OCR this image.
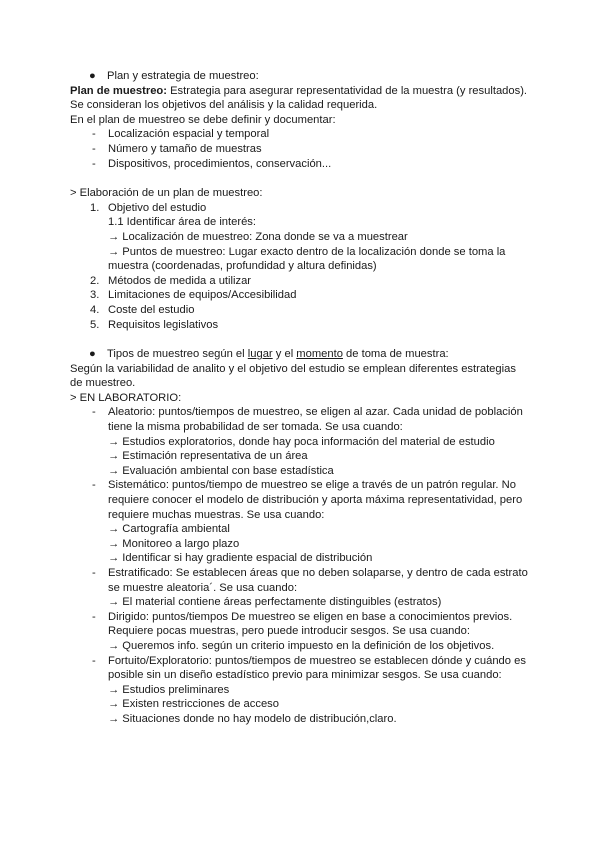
● Plan y estrategia de muestreo:
Plan de muestreo: Estrategia para asegurar representatividad de la muestra (y resultados).
Se consideran los objetivos del análisis y la calidad requerida.
En el plan de muestreo se debe definir y documentar:
- Localización espacial y temporal
- Número y tamaño de muestras
- Dispositivos, procedimientos, conservación...
> Elaboración de un plan de muestreo:
1. Objetivo del estudio
1.1 Identificar área de interés:
→ Localización de muestreo: Zona donde se va a muestrear
→ Puntos de muestreo: Lugar exacto dentro de la localización donde se toma la muestra (coordenadas, profundidad y altura definidas)
2. Métodos de medida a utilizar
3. Limitaciones de equipos/Accesibilidad
4. Coste del estudio
5. Requisitos legislativos
● Tipos de muestreo según el lugar y el momento de toma de muestra:
Según la variabilidad de analito y el objetivo del estudio se emplean diferentes estrategias de muestreo.
> EN LABORATORIO:
- Aleatorio: puntos/tiempos de muestreo, se eligen al azar. Cada unidad de población tiene la misma probabilidad de ser tomada. Se usa cuando:
→ Estudios exploratorios, donde hay poca información del material de estudio
→ Estimación representativa de un área
→ Evaluación ambiental con base estadística
- Sistemático: puntos/tiempo de muestreo se elige a través de un patrón regular. No requiere conocer el modelo de distribución y aporta máxima representatividad, pero requiere muchas muestras. Se usa cuando:
→ Cartografía ambiental
→ Monitoreo a largo plazo
→ Identificar si hay gradiente espacial de distribución
- Estratificado: Se establecen áreas que no deben solaparse, y dentro de cada estrato se muestre aleatoria´. Se usa cuando:
→ El material contiene áreas perfectamente distinguibles (estratos)
- Dirigido: puntos/tiempos De muestreo se eligen en base a conocimientos previos. Requiere pocas muestras, pero puede introducir sesgos. Se usa cuando:
→ Queremos info. según un criterio impuesto en la definición de los objetivos.
- Fortuito/Exploratorio: puntos/tiempos de muestreo se establecen dónde y cuándo es posible sin un diseño estadístico previo para minimizar sesgos. Se usa cuando:
→ Estudios preliminares
→ Existen restricciones de acceso
→ Situaciones donde no hay modelo de distribución,claro.
